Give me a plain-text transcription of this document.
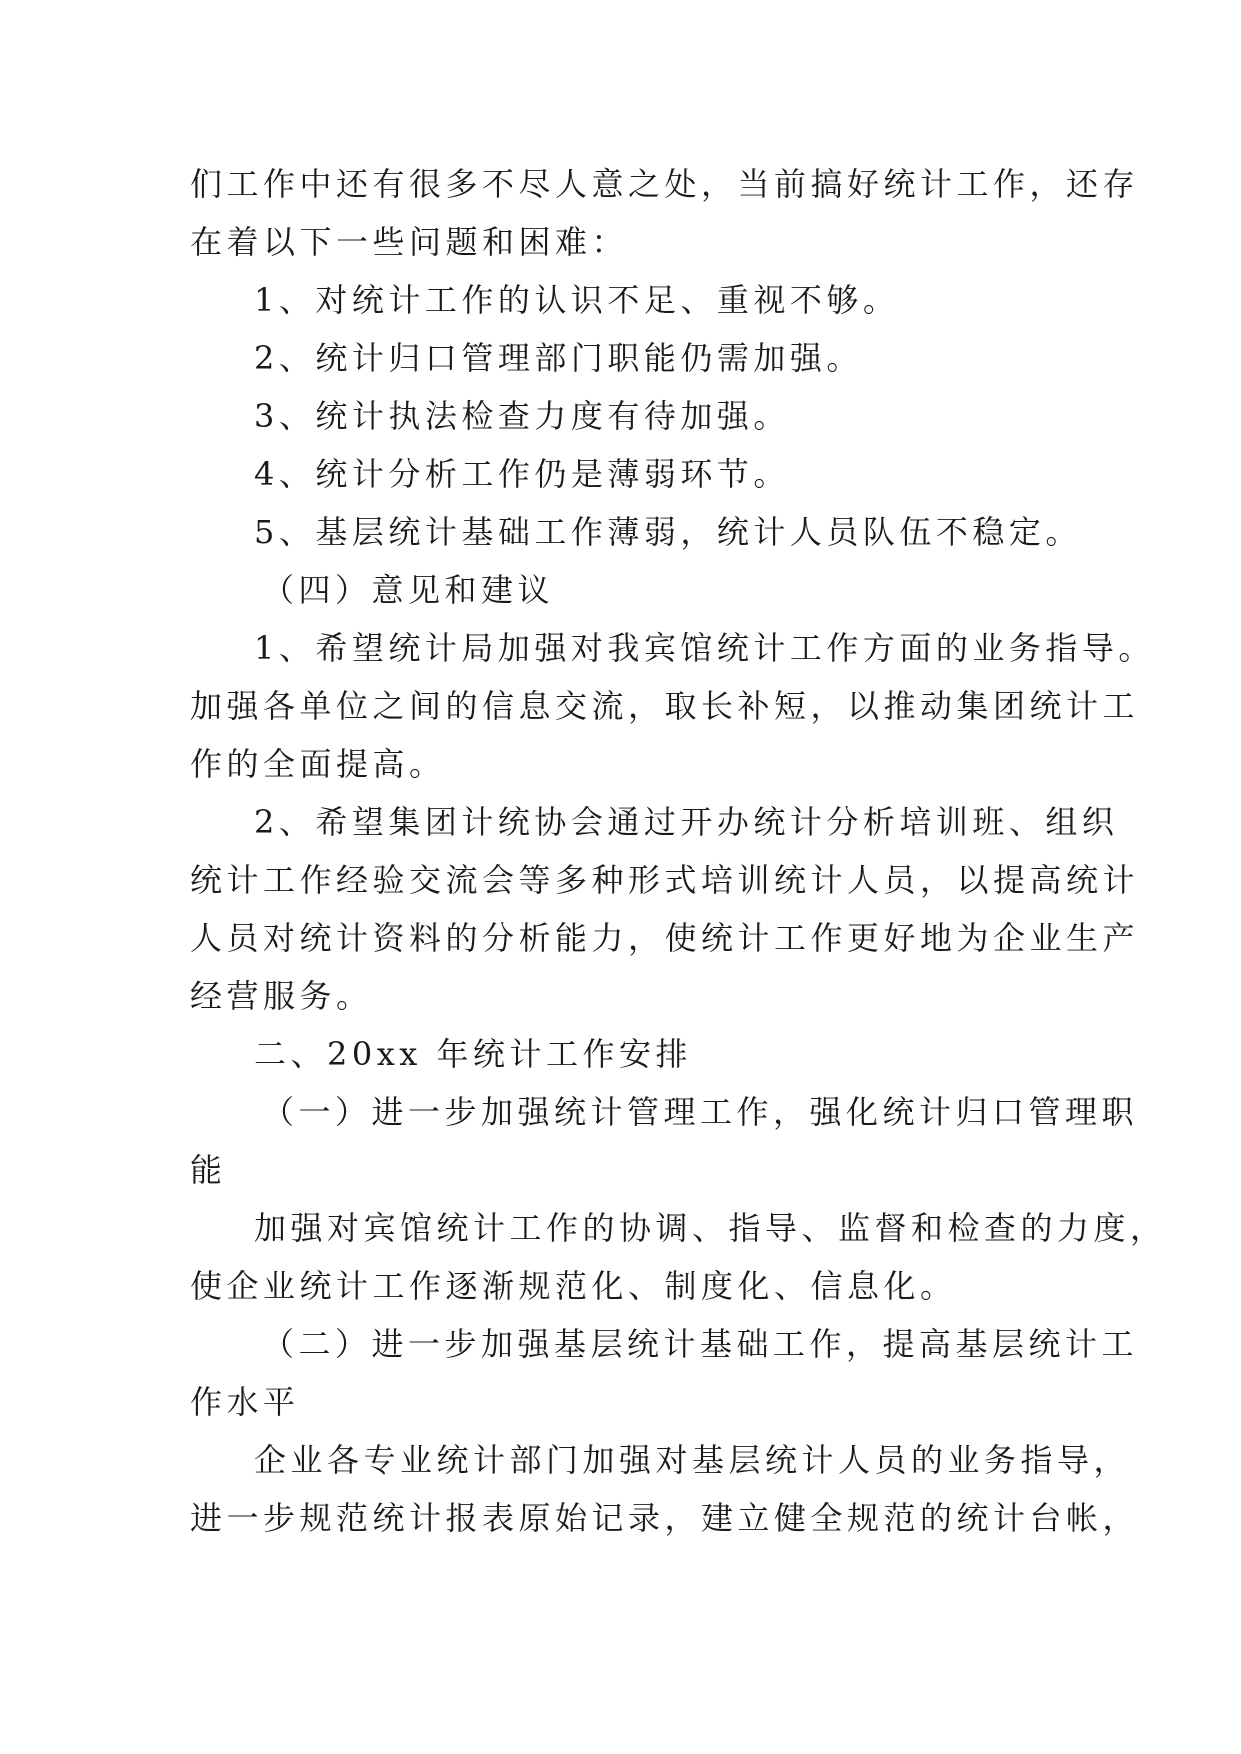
们工作中还有很多不尽人意之处，当前搞好统计工作，还存
在着以下一些问题和困难：
1、对统计工作的认识不足、重视不够。
2、统计归口管理部门职能仍需加强。
3、统计执法检查力度有待加强。
4、统计分析工作仍是薄弱环节。
5、基层统计基础工作薄弱，统计人员队伍不稳定。
（四）意见和建议
1、希望统计局加强对我宾馆统计工作方面的业务指导。
加强各单位之间的信息交流，取长补短，以推动集团统计工
作的全面提高。
2、希望集团计统协会通过开办统计分析培训班、组织
统计工作经验交流会等多种形式培训统计人员，以提高统计
人员对统计资料的分析能力，使统计工作更好地为企业生产
经营服务。
二、20xx 年统计工作安排
（一）进一步加强统计管理工作，强化统计归口管理职
能
加强对宾馆统计工作的协调、指导、监督和检查的力度，
使企业统计工作逐渐规范化、制度化、信息化。
（二）进一步加强基层统计基础工作，提高基层统计工
作水平
企业各专业统计部门加强对基层统计人员的业务指导，
进一步规范统计报表原始记录，建立健全规范的统计台帐，
